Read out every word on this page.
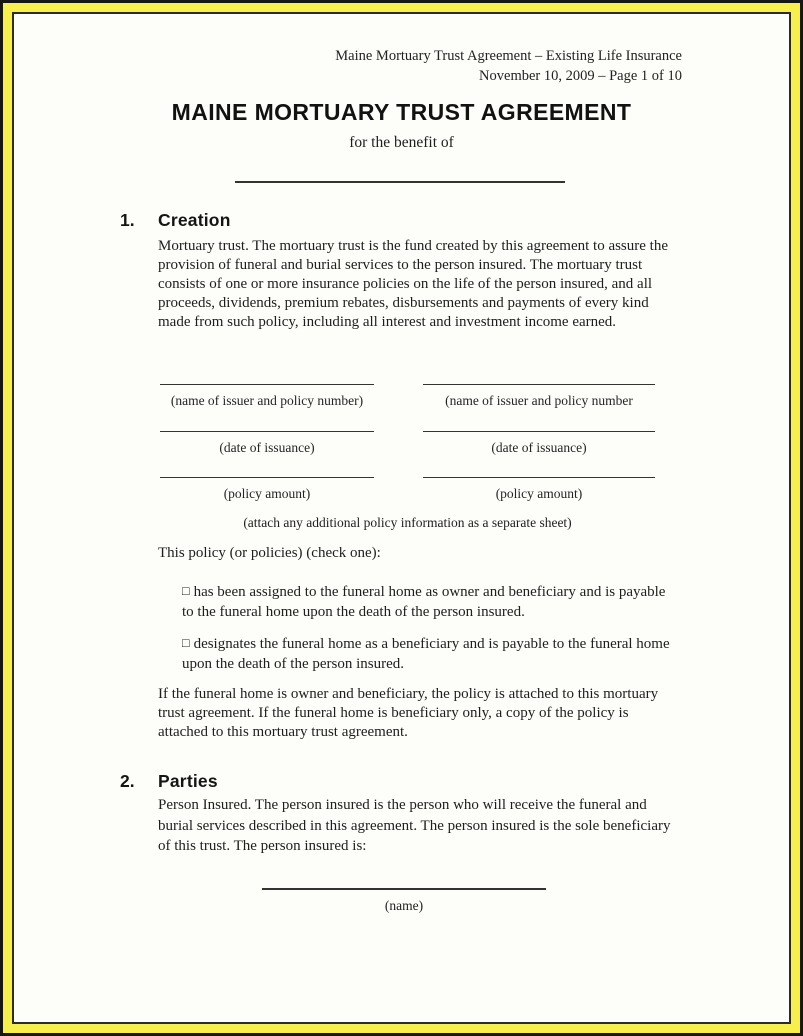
Maine Mortuary Trust Agreement – Existing Life Insurance
November 10, 2009 – Page 1 of 10
MAINE MORTUARY TRUST AGREEMENT
for the benefit of
1. Creation
Mortuary trust. The mortuary trust is the fund created by this agreement to assure the provision of funeral and burial services to the person insured. The mortuary trust consists of one or more insurance policies on the life of the person insured, and all proceeds, dividends, premium rebates, disbursements and payments of every kind made from such policy, including all interest and investment income earned.
(name of issuer and policy number)	(name of issuer and policy number
(date of issuance)	(date of issuance)
(policy amount)	(policy amount)
(attach any additional policy information as a separate sheet)
This policy (or policies) (check one):
□ has been assigned to the funeral home as owner and beneficiary and is payable to the funeral home upon the death of the person insured.
□ designates the funeral home as a beneficiary and is payable to the funeral home upon the death of the person insured.
If the funeral home is owner and beneficiary, the policy is attached to this mortuary trust agreement. If the funeral home is beneficiary only, a copy of the policy is attached to this mortuary trust agreement.
2. Parties
Person Insured. The person insured is the person who will receive the funeral and burial services described in this agreement. The person insured is the sole beneficiary of this trust. The person insured is:
(name)
